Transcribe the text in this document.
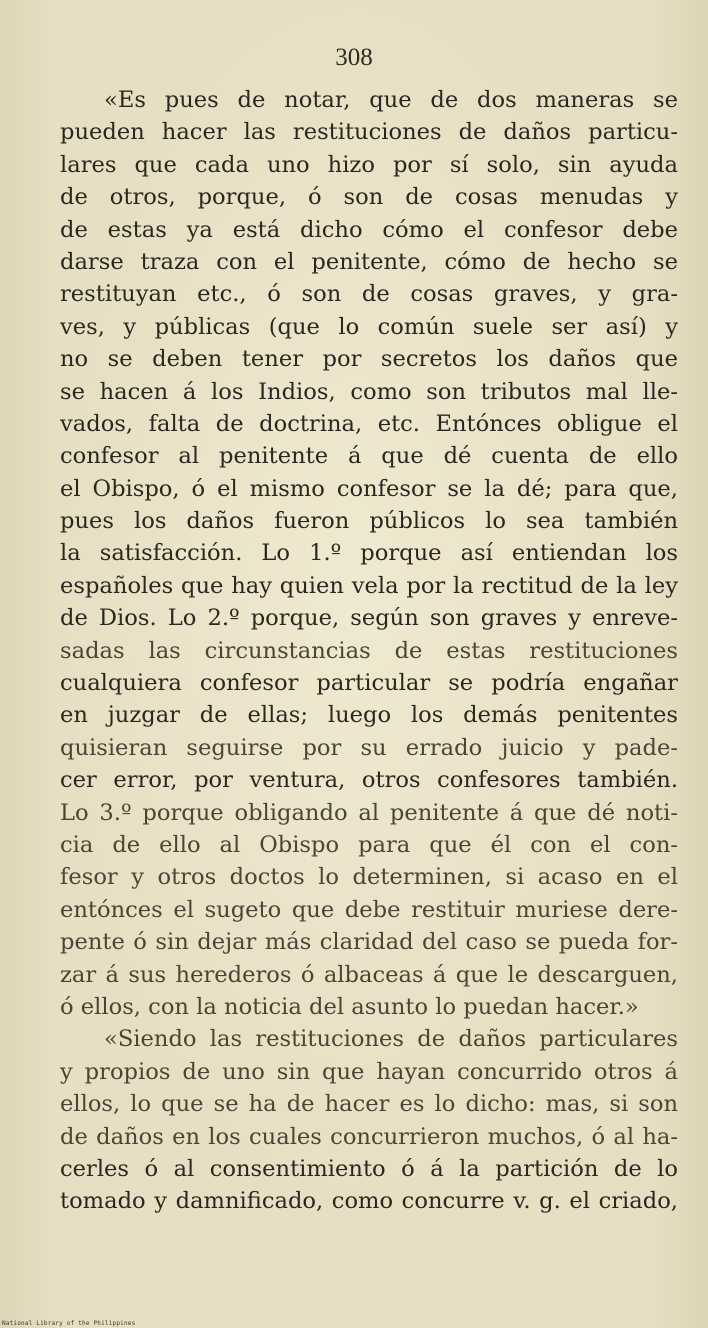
308
«Es pues de notar, que de dos maneras se
pueden hacer las restituciones de daños particu-
lares que cada uno hizo por sí solo, sin ayuda
de otros, porque, ó son de cosas menudas y
de estas ya está dicho cómo el confesor debe
darse traza con el penitente, cómo de hecho se
restituyan etc., ó son de cosas graves, y gra-
ves, y públicas (que lo común suele ser así) y
no se deben tener por secretos los daños que
se hacen á los Indios, como son tributos mal lle-
vados, falta de doctrina, etc. Entónces obligue el
confesor al penitente á que dé cuenta de ello
el Obispo, ó el mismo confesor se la dé; para que,
pues los daños fueron públicos lo sea también
la satisfacción. Lo 1.º porque así entiendan los
españoles que hay quien vela por la rectitud de la ley
de Dios. Lo 2.º porque, según son graves y enreve-
sadas las circunstancias de estas restituciones
cualquiera confesor particular se podría engañar
en juzgar de ellas; luego los demás penitentes
quisieran seguirse por su errado juicio y pade-
cer error, por ventura, otros confesores también.
Lo 3.º porque obligando al penitente á que dé noti-
cia de ello al Obispo para que él con el con-
fesor y otros doctos lo determinen, si acaso en el
entónces el sugeto que debe restituir muriese dere-
pente ó sin dejar más claridad del caso se pueda for-
zar á sus herederos ó albaceas á que le descarguen,
ó ellos, con la noticia del asunto lo puedan hacer.»
«Siendo las restituciones de daños particulares
y propios de uno sin que hayan concurrido otros á
ellos, lo que se ha de hacer es lo dicho: mas, si son
de daños en los cuales concurrieron muchos, ó al ha-
cerles ó al consentimiento ó á la partición de lo
tomado y damnificado, como concurre v. g. el criado,
National Library of the Philippines
